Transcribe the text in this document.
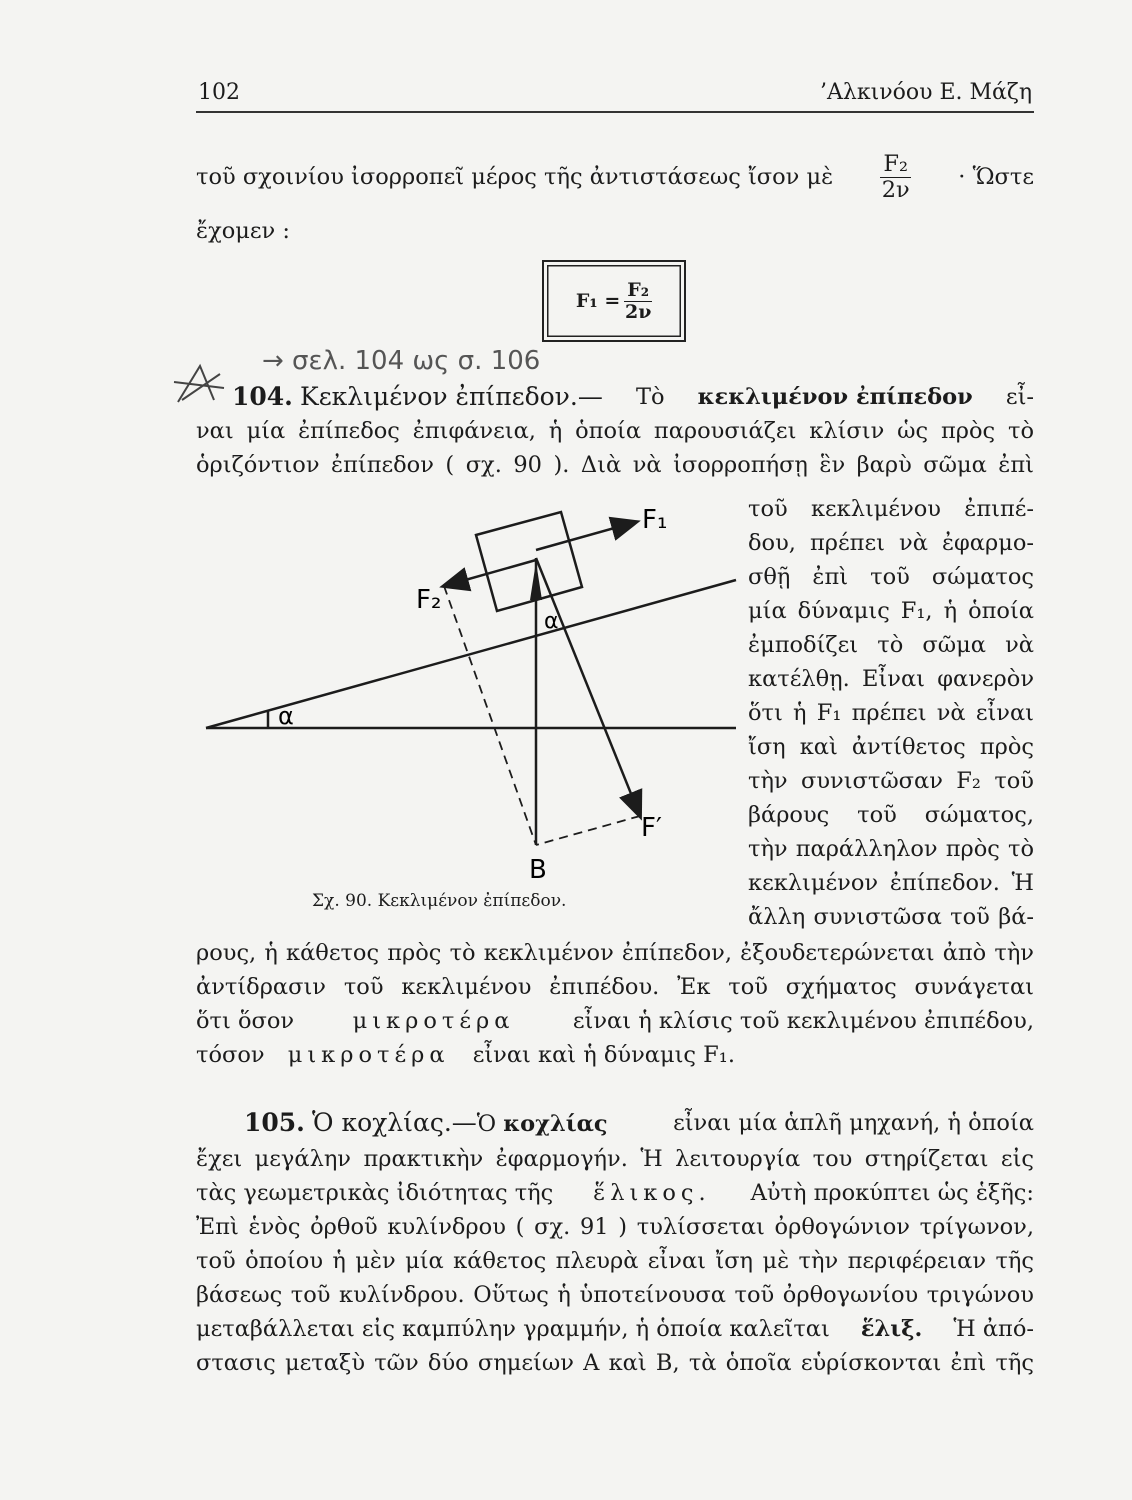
102	’Αλκινόου Ε. Μάζη
τοῦ σχοινίου ἰσορροπεῖ μέρος τῆς ἀντιστάσεως ἴσον μὲ $\frac{\text{F₂}}{2\nu}$ · Ὥστε
ἔχομεν :
$F_1 = \frac{\text{F₂}}{2\nu}$
→ σελ. 104 ως σ. 106
104. Κεκλιμένον ἐπίπεδον.— Τὸ κεκλιμένον ἐπίπεδον εἶ-
ναι μία ἐπίπεδος ἐπιφάνεια, ἡ ὁποία παρουσιάζει κλίσιν ὡς πρὸς τὸ
ὁριζόντιον ἐπίπεδον ( σχ. 90 ). Διὰ νὰ ἰσορροπήσῃ ἓν βαρὺ σῶμα ἐπὶ
τοῦ κεκλιμένου ἐπιπέ-
δου, πρέπει νὰ ἐφαρμο-
σθῇ ἐπὶ τοῦ σώματος
μία δύναμις F₁, ἡ ὁποία
ἐμποδίζει τὸ σῶμα νὰ
κατέλθῃ. Εἶναι φανερὸν
ὅτι ἡ F₁ πρέπει νὰ εἶναι
ἴση καὶ ἀντίθετος πρὸς
τὴν συνιστῶσαν F₂ τοῦ
βάρους τοῦ σώματος,
τὴν παράλληλον πρὸς τὸ
κεκλιμένον ἐπίπεδον. Ἡ
ἄλλη συνιστῶσα τοῦ βά-
α
F₁
F₂
B
α
F′
Σχ. 90. Κεκλιμένον ἐπίπεδον.
ρους, ἡ κάθετος πρὸς τὸ κεκλιμένον ἐπίπεδον, ἐξουδετερώνεται ἀπὸ τὴν
ἀντίδρασιν τοῦ κεκλιμένου ἐπιπέδου. Ἐκ τοῦ σχήματος συνάγεται
ὅτι ὅσον	μικροτέρα	εἶναι ἡ κλίσις τοῦ κεκλιμένου ἐπιπέδου,
τόσον μικροτέρα εἶναι καὶ ἡ δύναμις F₁.
105. Ὁ κοχλίας.—Ὁ κοχλίας	εἶναι μία ἁπλῆ μηχανή, ἡ ὁποία
ἔχει μεγάλην πρακτικὴν ἐφαρμογήν. Ἡ λειτουργία του στηρίζεται εἰς
τὰς γεωμετρικὰς ἰδιότητας τῆς ἕλικος. Αὐτὴ προκύπτει ὡς ἑξῆς:
Ἐπὶ ἑνὸς ὀρθοῦ κυλίνδρου ( σχ. 91 ) τυλίσσεται ὀρθογώνιον τρίγωνον,
τοῦ ὁποίου ἡ μὲν μία κάθετος πλευρὰ εἶναι ἴση μὲ τὴν περιφέρειαν τῆς
βάσεως τοῦ κυλίνδρου. Οὕτως ἡ ὑποτείνουσα τοῦ ὀρθογωνίου τριγώνου
μεταβάλλεται εἰς καμπύλην γραμμήν, ἡ ὁποία καλεῖται ἕλιξ. Ἡ ἀπό-
στασις μεταξὺ τῶν δύο σημείων Α καὶ Β, τὰ ὁποῖα εὑρίσκονται ἐπὶ τῆς
